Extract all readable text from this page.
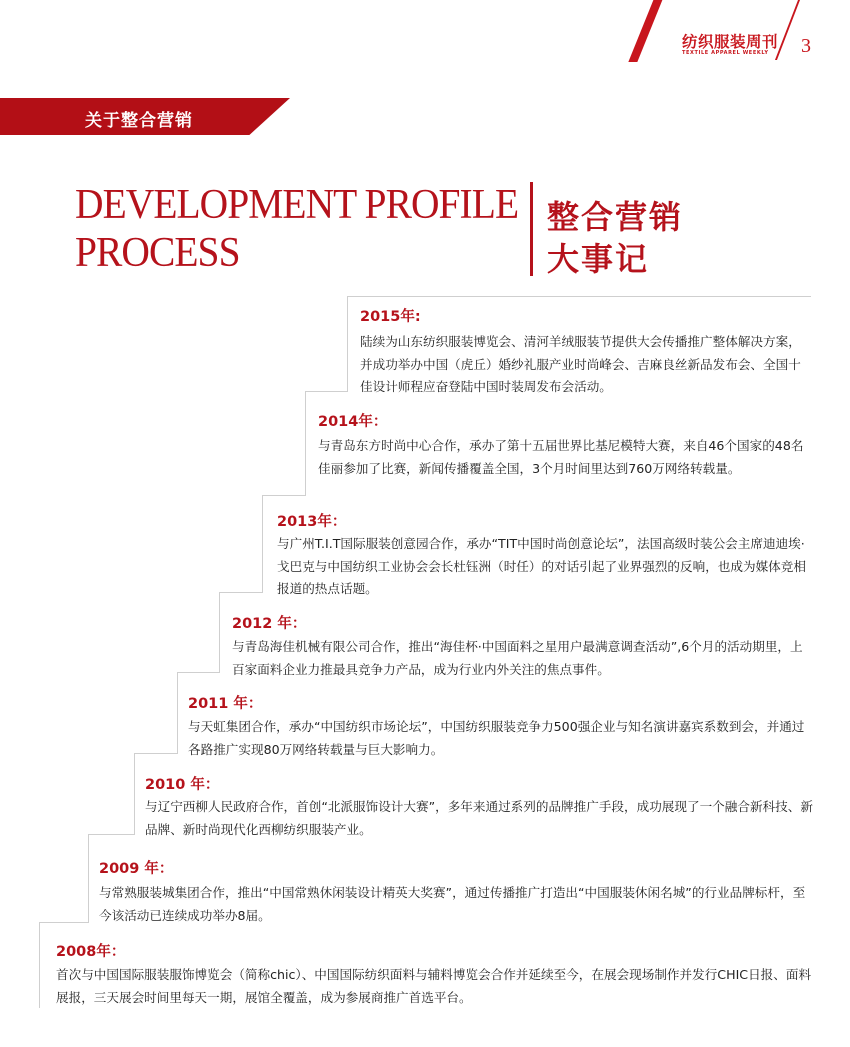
纺织服装周刊
TEXTILE APPAREL WEEKLY 3
关于整合营销
DEVELOPMENT PROFILE
PROCESS
整合营销
大事记
2015年:
陆续为山东纺织服装博览会、清河羊绒服装节提供大会传播推广整体解决方案，并成功举办中国（虎丘）婚纱礼服产业时尚峰会、吉麻良丝新品发布会、全国十佳设计师程应奋登陆中国时装周发布会活动。
2014年：
与青岛东方时尚中心合作，承办了第十五届世界比基尼模特大赛，来自46个国家的48名佳丽参加了比赛，新闻传播覆盖全国，3个月时间里达到760万网络转载量。
2013年：
与广州T.I.T国际服装创意园合作，承办“TIT中国时尚创意论坛”，法国高级时装公会主席迪迪埃·戈巴克与中国纺织工业协会会长杜钰洲（时任）的对话引起了业界强烈的反响，也成为媒体竞相报道的热点话题。
2012 年：
与青岛海佳机械有限公司合作，推出“海佳杯·中国面料之星用户最满意调查活动”,6个月的活动期里，上百家面料企业力推最具竞争力产品，成为行业内外关注的焦点事件。
2011 年：
与天虹集团合作，承办“中国纺织市场论坛”，中国纺织服装竞争力500强企业与知名演讲嘉宾系数到会，并通过各路推广实现80万网络转载量与巨大影响力。
2010 年：
与辽宁西柳人民政府合作，首创“北派服饰设计大赛”，多年来通过系列的品牌推广手段，成功展现了一个融合新科技、新品牌、新时尚现代化西柳纺织服装产业。
2009 年：
与常熟服装城集团合作，推出“中国常熟休闲装设计精英大奖赛”，通过传播推广打造出“中国服装休闲名城”的行业品牌标杆，至今该活动已连续成功举办8届。
2008年：
首次与中国国际服装服饰博览会（简称chic）、中国国际纺织面料与辅料博览会合作并延续至今，在展会现场制作并发行CHIC日报、面料展报，三天展会时间里每天一期，展馆全覆盖，成为参展商推广首选平台。
